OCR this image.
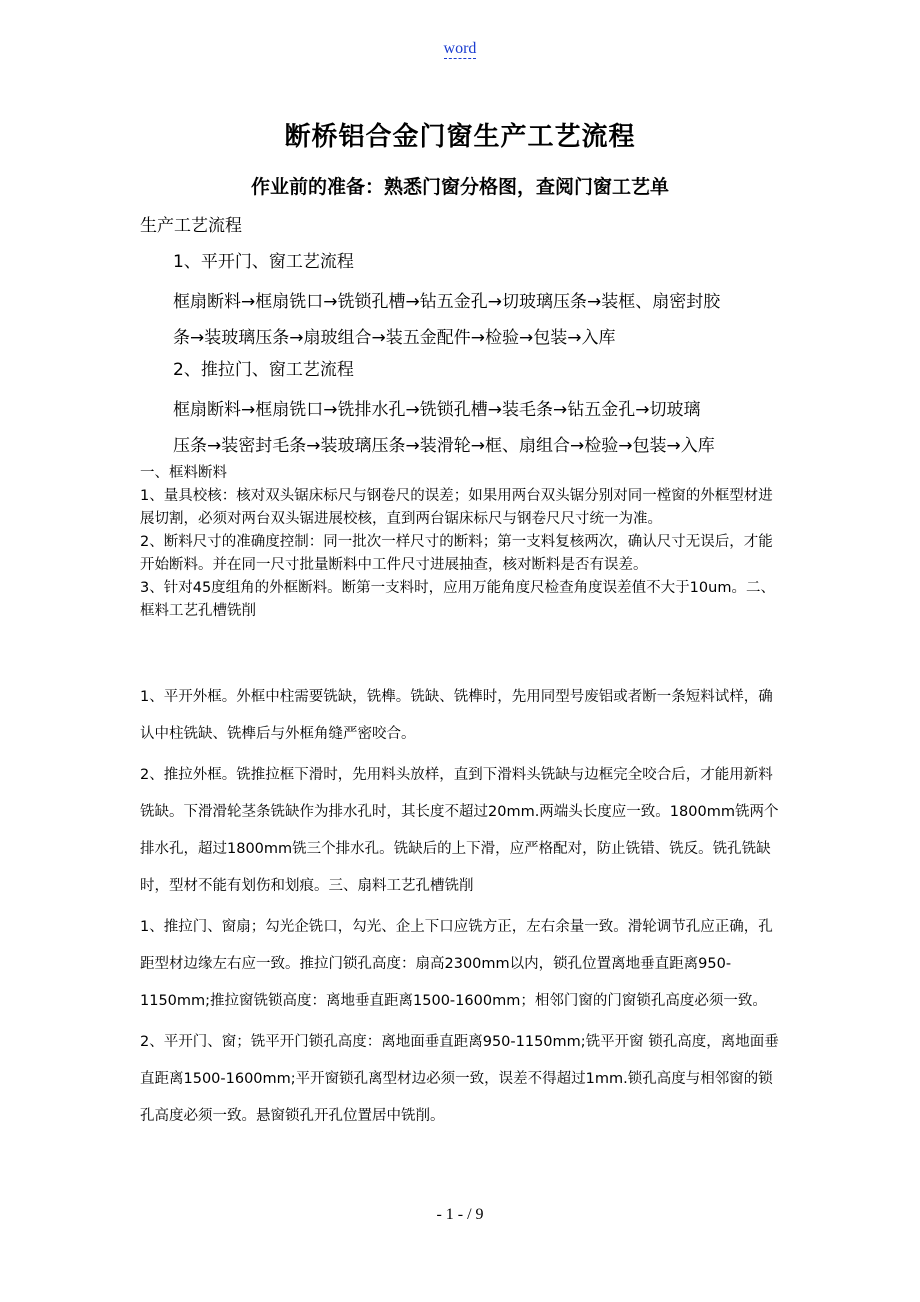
word
断桥铝合金门窗生产工艺流程
作业前的准备：熟悉门窗分格图，查阅门窗工艺单
生产工艺流程
1、平开门、窗工艺流程
框扇断料→框扇铣口→铣锁孔槽→钻五金孔→切玻璃压条→装框、扇密封胶
条→装玻璃压条→扇玻组合→装五金配件→检验→包装→入库
2、推拉门、窗工艺流程
框扇断料→框扇铣口→铣排水孔→铣锁孔槽→装毛条→钻五金孔→切玻璃
压条→装密封毛条→装玻璃压条→装滑轮→框、扇组合→检验→包装→入库
一、框料断料
1、量具校核：核对双头锯床标尺与钢卷尺的误差；如果用两台双头锯分别对同一樘窗的外框型材进展切割，必须对两台双头锯进展校核，直到两台锯床标尺与钢卷尺尺寸统一为准。
2、断料尺寸的准确度控制：同一批次一样尺寸的断料；第一支料复核两次，确认尺寸无误后，才能开始断料。并在同一尺寸批量断料中工件尺寸进展抽查，核对断料是否有误差。
3、针对45度组角的外框断料。断第一支料时，应用万能角度尺检查角度误差值不大于10um。二、框料工艺孔槽铣削
1、平开外框。外框中柱需要铣缺，铣榫。铣缺、铣榫时，先用同型号废铝或者断一条短料试样，确认中柱铣缺、铣榫后与外框角缝严密咬合。
2、推拉外框。铣推拉框下滑时，先用料头放样，直到下滑料头铣缺与边框完全咬合后，才能用新料铣缺。下滑滑轮茎条铣缺作为排水孔时，其长度不超过20mm.两端头长度应一致。1800mm铣两个排水孔，超过1800mm铣三个排水孔。铣缺后的上下滑，应严格配对，防止铣错、铣反。铣孔铣缺时，型材不能有划伤和划痕。三、扇料工艺孔槽铣削
1、推拉门、窗扇；勾光企铣口，勾光、企上下口应铣方正，左右余量一致。滑轮调节孔应正确，孔距型材边缘左右应一致。推拉门锁孔高度：扇高2300mm以内，锁孔位置离地垂直距离950-1150mm;推拉窗铣锁高度：离地垂直距离1500-1600mm；相邻门窗的门窗锁孔高度必须一致。
2、平开门、窗；铣平开门锁孔高度：离地面垂直距离950-1150mm;铣平开窗 锁孔高度，离地面垂直距离1500-1600mm;平开窗锁孔离型材边必须一致，误差不得超过1mm.锁孔高度与相邻窗的锁孔高度必须一致。悬窗锁孔开孔位置居中铣削。
- 1 - / 9
